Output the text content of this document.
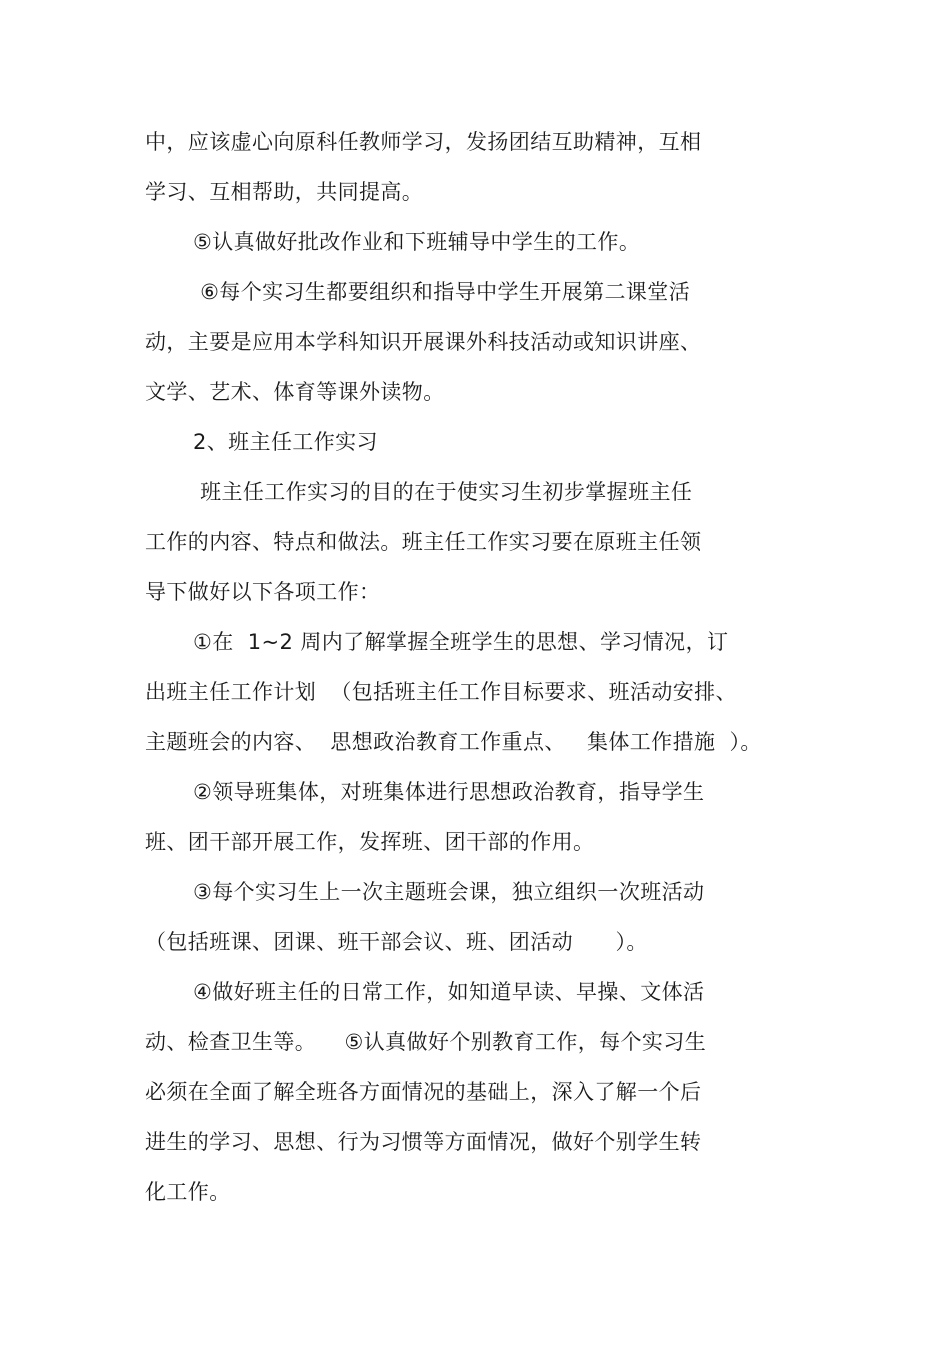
中，应该虚心向原科任教师学习，发扬团结互助精神，互相
学习、互相帮助，共同提高。
⑤认真做好批改作业和下班辅导中学生的工作。
⑥每个实习生都要组织和指导中学生开展第二课堂活
动，主要是应用本学科知识开展课外科技活动或知识讲座、
文学、艺术、体育等课外读物。
2、班主任工作实习
班主任工作实习的目的在于使实习生初步掌握班主任
工作的内容、特点和做法。班主任工作实习要在原班主任领
导下做好以下各项工作：
①在  1~2 周内了解掌握全班学生的思想、学习情况，订
出班主任工作计划  （包括班主任工作目标要求、班活动安排、
主题班会的内容、  思想政治教育工作重点、   集体工作措施  ）。
②领导班集体，对班集体进行思想政治教育，指导学生
班、团干部开展工作，发挥班、团干部的作用。
③每个实习生上一次主题班会课，独立组织一次班活动
（包括班课、团课、班干部会议、班、团活动      ）。
④做好班主任的日常工作，如知道早读、早操、文体活
动、检查卫生等。    ⑤认真做好个别教育工作，每个实习生
必须在全面了解全班各方面情况的基础上，深入了解一个后
进生的学习、思想、行为习惯等方面情况，做好个别学生转
化工作。
